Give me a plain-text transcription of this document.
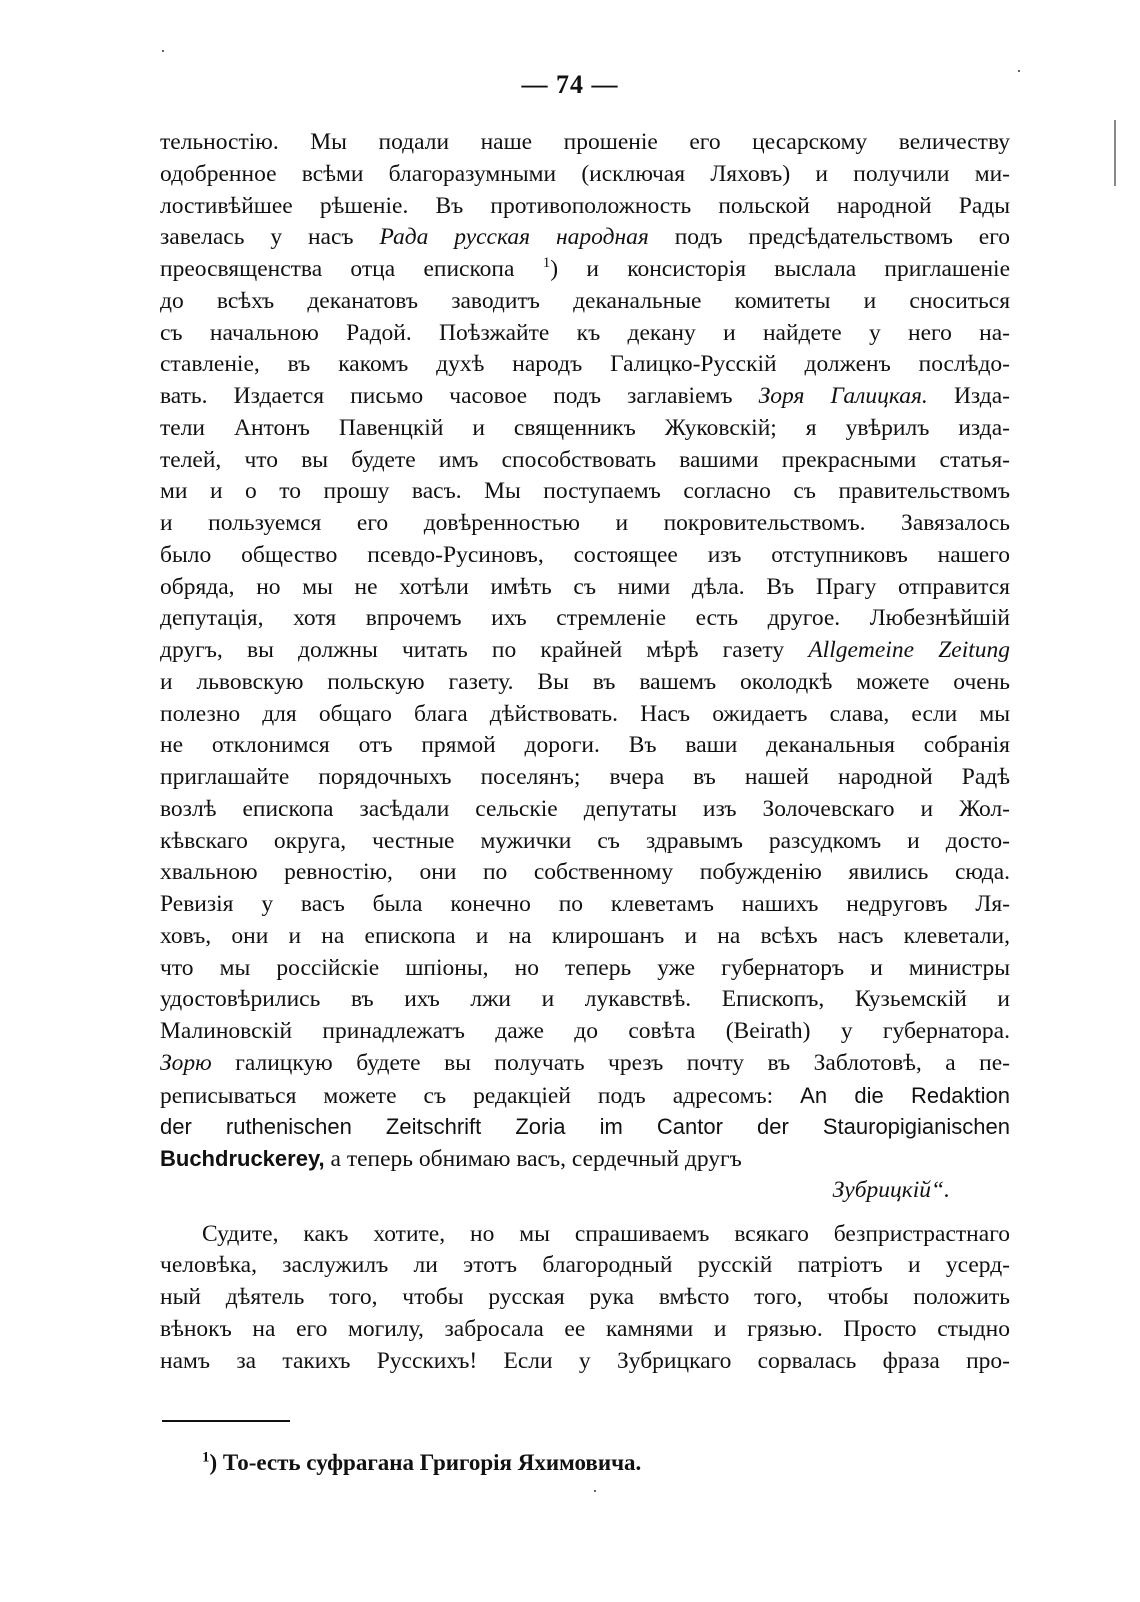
— 74 —
тельностію. Мы подали наше прошеніе его цесарскому величеству
одобренное всѣми благоразумными (исключая Ляховъ) и получили ми-
лостивѣйшее рѣшеніе. Въ противоположность польской народной Рады
завелась у насъ Рада русская народная подъ предсѣдательствомъ его
преосвященства отца епископа $^1$) и консисторія выслала приглашеніе
до всѣхъ деканатовъ заводитъ деканальные комитеты и сноситься
съ начальною Радой. Поѣзжайте къ декану и найдете у него на-
ставленіе, въ какомъ духѣ народъ Галицко-Русскій долженъ послѣдо-
вать. Издается письмо часовое подъ заглавіемъ Зоря Галицкая. Изда-
тели Антонъ Павенцкій и священникъ Жуковскій; я увѣрилъ изда-
телей, что вы будете имъ способствовать вашими прекрасными статья-
ми и о то прошу васъ. Мы поступаемъ согласно съ правительствомъ
и пользуемся его довѣренностью и покровительствомъ. Завязалось
было общество псевдо-Русиновъ, состоящее изъ отступниковъ нашего
обряда, но мы не хотѣли имѣть съ ними дѣла. Въ Прагу отправится
депутація, хотя впрочемъ ихъ стремленіе есть другое. Любезнѣйшій
другъ, вы должны читать по крайней мѣрѣ газету Allgemeine Zeitung
и львовскую польскую газету. Вы въ вашемъ околодкѣ можете очень
полезно для общаго блага дѣйствовать. Насъ ожидаетъ слава, если мы
не отклонимся отъ прямой дороги. Въ ваши деканальныя собранія
приглашайте порядочныхъ поселянъ; вчера въ нашей народной Радѣ
возлѣ епископа засѣдали сельскіе депутаты изъ Золочевскаго и Жол-
кѣвскаго округа, честные мужички съ здравымъ разсудкомъ и досто-
хвальною ревностію, они по собственному побужденію явились сюда.
Ревизія у васъ была конечно по клеветамъ нашихъ недруговъ Ля-
ховъ, они и на епископа и на клирошанъ и на всѣхъ насъ клеветали,
что мы россійскіе шпіоны, но теперь уже губернаторъ и министры
удостовѣрились въ ихъ лжи и лукавствѣ. Епископъ, Кузьемскій и
Малиновскій принадлежатъ даже до совѣта (Beirath) у губернатора.
Зорю галицкую будете вы получать чрезъ почту въ Заблотовѣ, а пе-
реписываться можете съ редакціей подъ адресомъ: An die Redaktion
der ruthenischen Zeitschrift Zoria im Cantor der Stauropigianischen
Buchdruckerey, а теперь обнимаю васъ, сердечный другъ
Зубрицкій“.
Судите, какъ хотите, но мы спрашиваемъ всякаго безпристрастнаго
человѣка, заслужилъ ли этотъ благородный русскій патріотъ и усерд-
ный дѣятель того, чтобы русская рука вмѣсто того, чтобы положить
вѣнокъ на его могилу, забросала ее камнями и грязью. Просто стыдно
намъ за такихъ Русскихъ! Если у Зубрицкаго сорвалась фраза про-
$^1$) То-есть суфрагана Григорія Яхимовича.
